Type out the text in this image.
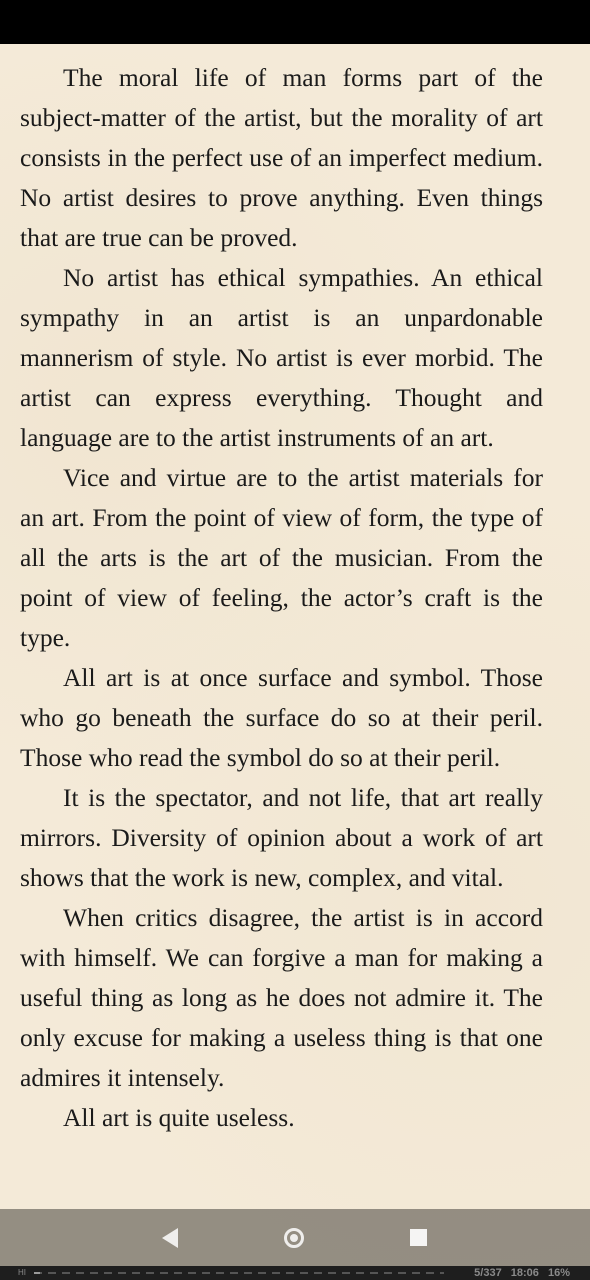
The moral life of man forms part of the subject-matter of the artist, but the morality of art consists in the perfect use of an imperfect medium. No artist desires to prove anything. Even things that are true can be proved.

No artist has ethical sympathies. An ethical sympathy in an artist is an unpardonable mannerism of style. No artist is ever morbid. The artist can express everything. Thought and language are to the artist instruments of an art.

Vice and virtue are to the artist materials for an art. From the point of view of form, the type of all the arts is the art of the musician. From the point of view of feeling, the actor’s craft is the type.

All art is at once surface and symbol. Those who go beneath the surface do so at their peril. Those who read the symbol do so at their peril.

It is the spectator, and not life, that art really mirrors. Diversity of opinion about a work of art shows that the work is new, complex, and vital.

When critics disagree, the artist is in accord with himself. We can forgive a man for making a useful thing as long as he does not admire it. The only excuse for making a useless thing is that one admires it intensely.

All art is quite useless.

HI	5/337 18:06 16%
